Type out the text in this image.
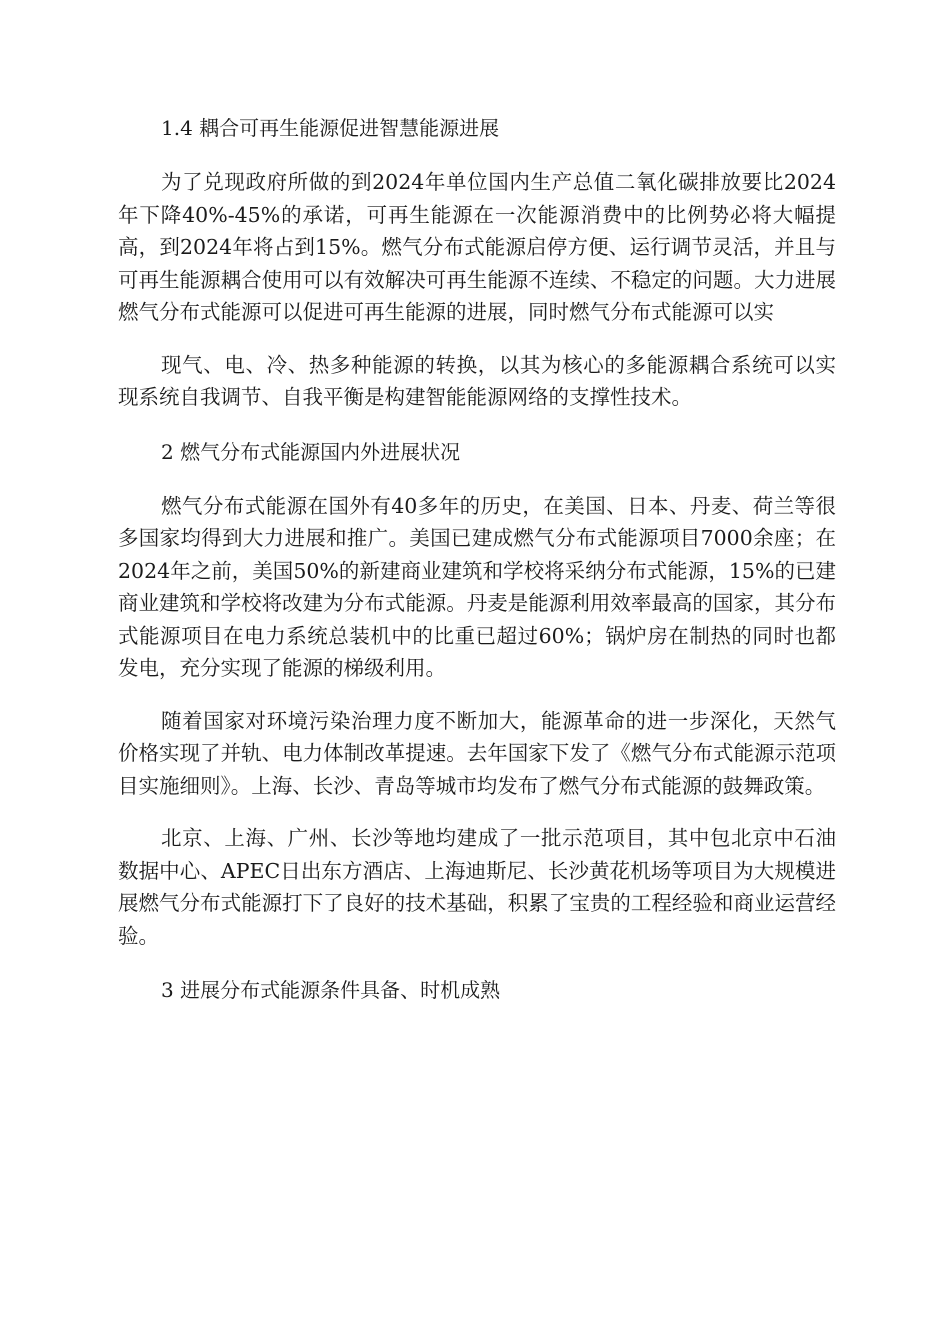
1.4 耦合可再生能源促进智慧能源进展

为了兑现政府所做的到2024年单位国内生产总值二氧化碳排放要比2024年下降40%-45%的承诺，可再生能源在一次能源消费中的比例势必将大幅提高，到2024年将占到15%。燃气分布式能源启停方便、运行调节灵活，并且与可再生能源耦合使用可以有效解决可再生能源不连续、不稳定的问题。大力进展燃气分布式能源可以促进可再生能源的进展，同时燃气分布式能源可以实

现气、电、冷、热多种能源的转换，以其为核心的多能源耦合系统可以实现系统自我调节、自我平衡是构建智能能源网络的支撑性技术。

2 燃气分布式能源国内外进展状况

燃气分布式能源在国外有40多年的历史，在美国、日本、丹麦、荷兰等很多国家均得到大力进展和推广。美国已建成燃气分布式能源项目7000余座；在2024年之前，美国50%的新建商业建筑和学校将采纳分布式能源，15%的已建商业建筑和学校将改建为分布式能源。丹麦是能源利用效率最高的国家，其分布式能源项目在电力系统总装机中的比重已超过60%；锅炉房在制热的同时也都发电，充分实现了能源的梯级利用。

随着国家对环境污染治理力度不断加大，能源革命的进一步深化，天然气价格实现了并轨、电力体制改革提速。去年国家下发了《燃气分布式能源示范项目实施细则》。上海、长沙、青岛等城市均发布了燃气分布式能源的鼓舞政策。

北京、上海、广州、长沙等地均建成了一批示范项目，其中包北京中石油数据中心、APEC日出东方酒店、上海迪斯尼、长沙黄花机场等项目为大规模进展燃气分布式能源打下了良好的技术基础，积累了宝贵的工程经验和商业运营经验。

3 进展分布式能源条件具备、时机成熟
